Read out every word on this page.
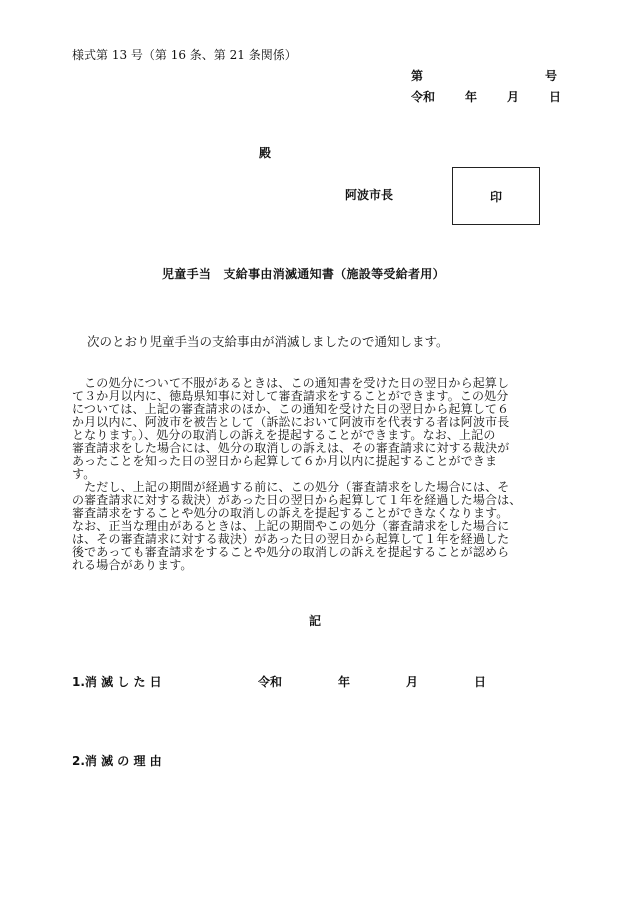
様式第 13 号（第 16 条、第 21 条関係）
第	号
令和 年 月 日
殿
阿波市長	印
児童手当　支給事由消滅通知書（施設等受給者用）
次のとおり児童手当の支給事由が消滅しましたので通知します。
　この処分について不服があるときは、この通知書を受けた日の翌日から起算し
て３か月以内に、徳島県知事に対して審査請求をすることができます。この処分
については、上記の審査請求のほか、この通知を受けた日の翌日から起算して６
か月以内に、阿波市を被告として（訴訟において阿波市を代表する者は阿波市長
となります。）、処分の取消しの訴えを提起することができます。なお、上記の
審査請求をした場合には、処分の取消しの訴えは、その審査請求に対する裁決が
あったことを知った日の翌日から起算して６か月以内に提起することができま
す。
　ただし、上記の期間が経過する前に、この処分（審査請求をした場合には、そ
の審査請求に対する裁決）があった日の翌日から起算して１年を経過した場合は、
審査請求をすることや処分の取消しの訴えを提起することができなくなります。
なお、正当な理由があるときは、上記の期間やこの処分（審査請求をした場合に
は、その審査請求に対する裁決）があった日の翌日から起算して１年を経過した
後であっても審査請求をすることや処分の取消しの訴えを提起することが認めら
れる場合があります。
記
1.消 滅 し た 日	令和	年	月	日
2.消 滅 の 理 由
